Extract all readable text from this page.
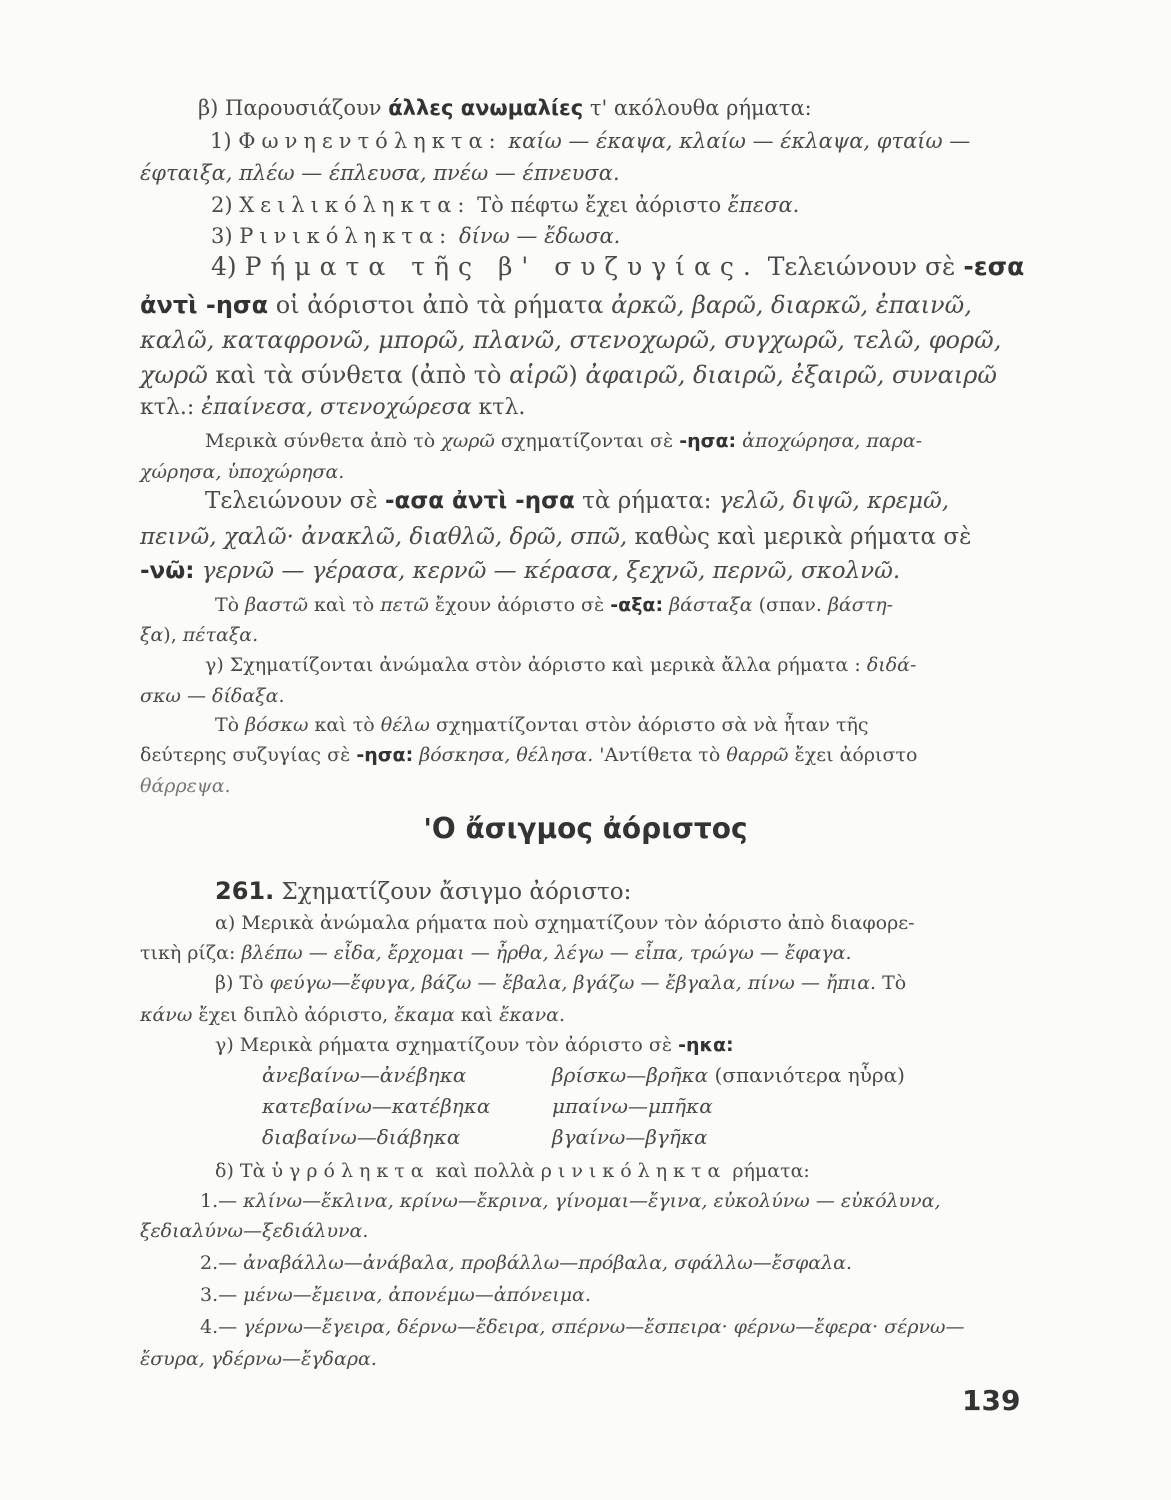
β) Παρουσιάζουν άλλες ανωμαλίες τ' ακόλουθα ρήματα:
1) Φωνηεντόληκτα: καίω — έκαψα, κλαίω — έκλαψα, φταίω —
έφταιξα, πλέω — έπλευσα, πνέω — έπνευσα.
2) Χειλικόληκτα: Τὸ πέφτω ἔχει ἀόριστο ἔπεσα.
3) Ρινικόληκτα: δίνω — ἔδωσα.
4) Ρήματα τῆς β' συζυγίας. Τελειώνουν σὲ -εσα
ἀντὶ -ησα οἱ ἀόριστοι ἀπὸ τὰ ρήματα ἀρκῶ, βαρῶ, διαρκῶ, ἐπαινῶ,
καλῶ, καταφρονῶ, μπορῶ, πλανῶ, στενοχωρῶ, συγχωρῶ, τελῶ, φορῶ,
χωρῶ καὶ τὰ σύνθετα (ἀπὸ τὸ αἱρῶ) ἀφαιρῶ, διαιρῶ, ἐξαιρῶ, συναιρῶ
κτλ.: ἐπαίνεσα, στενοχώρεσα κτλ.
Μερικὰ σύνθετα ἀπὸ τὸ χωρῶ σχηματίζονται σὲ -ησα: ἀποχώρησα, παρα-
χώρησα, ὑποχώρησα.
Τελειώνουν σὲ -ασα ἀντὶ -ησα τὰ ρήματα: γελῶ, διψῶ, κρεμῶ,
πεινῶ, χαλῶ· ἀνακλῶ, διαθλῶ, δρῶ, σπῶ, καθὼς καὶ μερικὰ ρήματα σὲ
-νῶ: γερνῶ — γέρασα, κερνῶ — κέρασα, ξεχνῶ, περνῶ, σκολνῶ.
Τὸ βαστῶ καὶ τὸ πετῶ ἔχουν ἀόριστο σὲ -αξα: βάσταξα (σπαν. βάστη-
ξα), πέταξα.
γ) Σχηματίζονται ἀνώμαλα στὸν ἀόριστο καὶ μερικὰ ἄλλα ρήματα : διδά-
σκω — δίδαξα.
Τὸ βόσκω καὶ τὸ θέλω σχηματίζονται στὸν ἀόριστο σὰ νὰ ἦταν τῆς
δεύτερης συζυγίας σὲ -ησα: βόσκησα, θέλησα. 'Αντίθετα τὸ θαρρῶ ἔχει ἀόριστο
θάρρεψα.
'Ο ἄσιγμος ἀόριστος
261. Σχηματίζουν ἄσιγμο ἀόριστο:
α) Μερικὰ ἀνώμαλα ρήματα ποὺ σχηματίζουν τὸν ἀόριστο ἀπὸ διαφορε-
τικὴ ρίζα: βλέπω — εἶδα, ἔρχομαι — ἦρθα, λέγω — εἶπα, τρώγω — ἔφαγα.
β) Τὸ φεύγω—ἔφυγα, βάζω — ἔβαλα, βγάζω — ἔβγαλα, πίνω — ἤπια. Τὸ
κάνω ἔχει διπλὸ ἀόριστο, ἔκαμα καὶ ἔκανα.
γ) Μερικὰ ρήματα σχηματίζουν τὸν ἀόριστο σὲ -ηκα:
ἀνεβαίνω—ἀνέβηκα
κατεβαίνω—κατέβηκα
διαβαίνω—διάβηκα
βρίσκω—βρῆκα (σπανιότερα ηὗρα)
μπαίνω—μπῆκα
βγαίνω—βγῆκα
δ) Τὰ ὑγρόληκτα καὶ πολλὰ ρινικόληκτα ρήματα:
1.— κλίνω—ἔκλινα, κρίνω—ἔκρινα, γίνομαι—ἔγινα, εὐκολύνω — εὐκόλυνα,
ξεδιαλύνω—ξεδιάλυνα.
2.— ἀναβάλλω—ἀνάβαλα, προβάλλω—πρόβαλα, σφάλλω—ἔσφαλα.
3.— μένω—ἔμεινα, ἀπονέμω—ἀπόνειμα.
4.— γέρνω—ἔγειρα, δέρνω—ἔδειρα, σπέρνω—ἔσπειρα· φέρνω—ἔφερα· σέρνω—
ἔσυρα, γδέρνω—ἔγδαρα.
139
